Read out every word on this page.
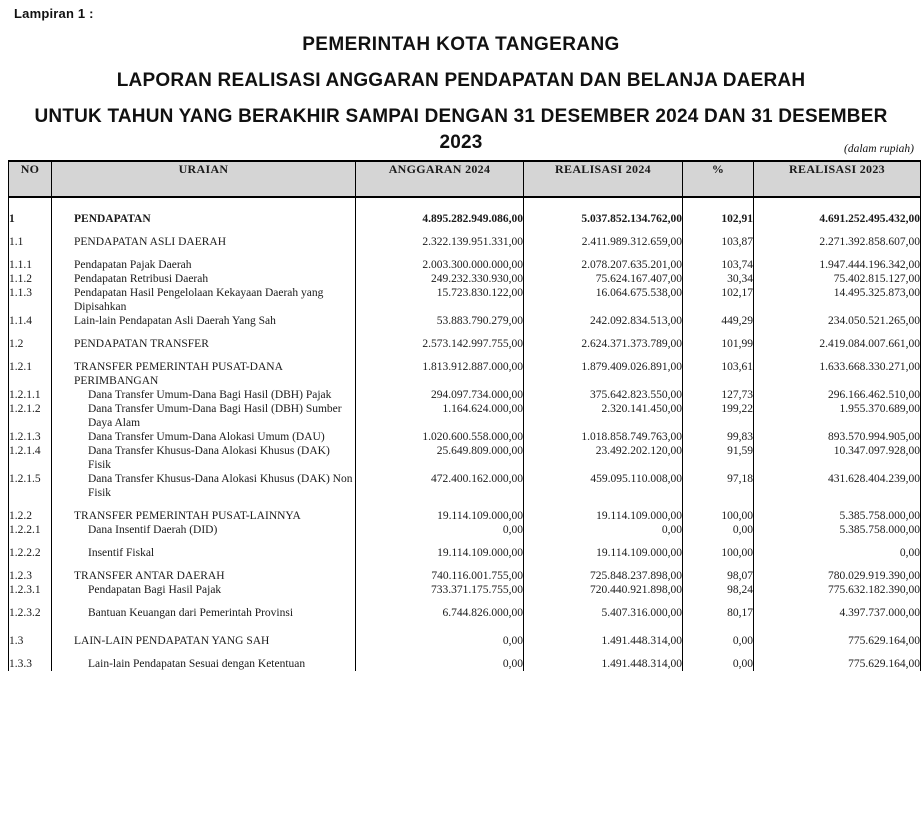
Lampiran 1 :
PEMERINTAH KOTA TANGERANG
LAPORAN REALISASI ANGGARAN PENDAPATAN DAN BELANJA DAERAH
UNTUK TAHUN YANG BERAKHIR SAMPAI DENGAN 31 DESEMBER 2024 DAN 31 DESEMBER 2023	(dalam rupiah)
NO	URAIAN	ANGGARAN 2024	REALISASI 2024	%	REALISASI 2023
1	PENDAPATAN	4.895.282.949.086,00	5.037.852.134.762,00	102,91	4.691.252.495.432,00
1.1	PENDAPATAN ASLI DAERAH	2.322.139.951.331,00	2.411.989.312.659,00	103,87	2.271.392.858.607,00
1.1.1	Pendapatan Pajak Daerah	2.003.300.000.000,00	2.078.207.635.201,00	103,74	1.947.444.196.342,00
1.1.2	Pendapatan Retribusi Daerah	249.232.330.930,00	75.624.167.407,00	30,34	75.402.815.127,00
1.1.3	Pendapatan Hasil Pengelolaan Kekayaan Daerah yang Dipisahkan	15.723.830.122,00	16.064.675.538,00	102,17	14.495.325.873,00
1.1.4	Lain-lain Pendapatan Asli Daerah Yang Sah	53.883.790.279,00	242.092.834.513,00	449,29	234.050.521.265,00
1.2	PENDAPATAN TRANSFER	2.573.142.997.755,00	2.624.371.373.789,00	101,99	2.419.084.007.661,00
1.2.1	TRANSFER PEMERINTAH PUSAT-DANA PERIMBANGAN	1.813.912.887.000,00	1.879.409.026.891,00	103,61	1.633.668.330.271,00
1.2.1.1	Dana Transfer Umum-Dana Bagi Hasil (DBH) Pajak	294.097.734.000,00	375.642.823.550,00	127,73	296.166.462.510,00
1.2.1.2	Dana Transfer Umum-Dana Bagi Hasil (DBH) Sumber Daya Alam	1.164.624.000,00	2.320.141.450,00	199,22	1.955.370.689,00
1.2.1.3	Dana Transfer Umum-Dana Alokasi Umum (DAU)	1.020.600.558.000,00	1.018.858.749.763,00	99,83	893.570.994.905,00
1.2.1.4	Dana Transfer Khusus-Dana Alokasi Khusus (DAK) Fisik	25.649.809.000,00	23.492.202.120,00	91,59	10.347.097.928,00
1.2.1.5	Dana Transfer Khusus-Dana Alokasi Khusus (DAK) Non Fisik	472.400.162.000,00	459.095.110.008,00	97,18	431.628.404.239,00
1.2.2	TRANSFER PEMERINTAH PUSAT-LAINNYA	19.114.109.000,00	19.114.109.000,00	100,00	5.385.758.000,00
1.2.2.1	Dana Insentif Daerah (DID)	0,00	0,00	0,00	5.385.758.000,00
1.2.2.2	Insentif Fiskal	19.114.109.000,00	19.114.109.000,00	100,00	0,00
1.2.3	TRANSFER ANTAR DAERAH	740.116.001.755,00	725.848.237.898,00	98,07	780.029.919.390,00
1.2.3.1	Pendapatan Bagi Hasil Pajak	733.371.175.755,00	720.440.921.898,00	98,24	775.632.182.390,00
1.2.3.2	Bantuan Keuangan dari Pemerintah Provinsi	6.744.826.000,00	5.407.316.000,00	80,17	4.397.737.000,00
1.3	LAIN-LAIN PENDAPATAN YANG SAH	0,00	1.491.448.314,00	0,00	775.629.164,00
1.3.3	Lain-lain Pendapatan Sesuai dengan Ketentuan	0,00	1.491.448.314,00	0,00	775.629.164,00
